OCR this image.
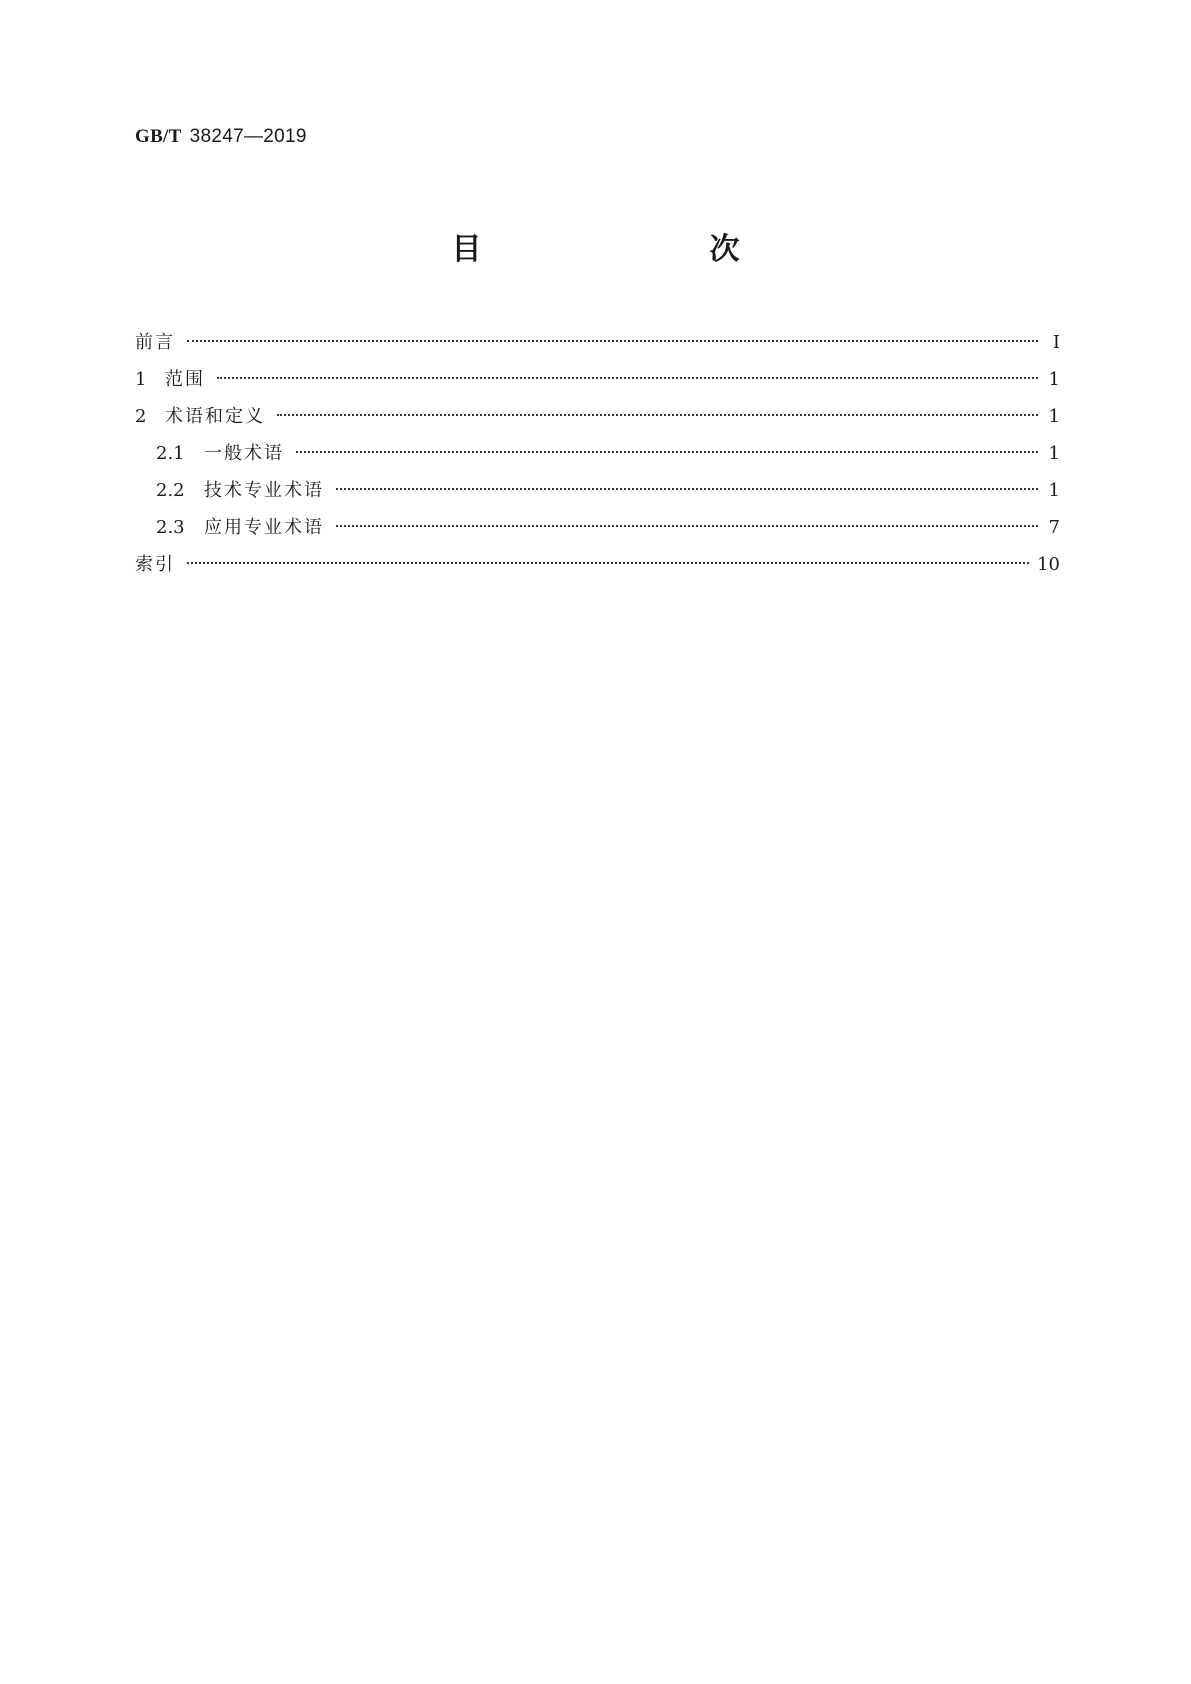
GB/T 38247—2019
目　　次
前言	Ⅰ
1	范围	1
2	术语和定义	1
2.1	一般术语	1
2.2	技术专业术语	1
2.3	应用专业术语	7
索引	10
